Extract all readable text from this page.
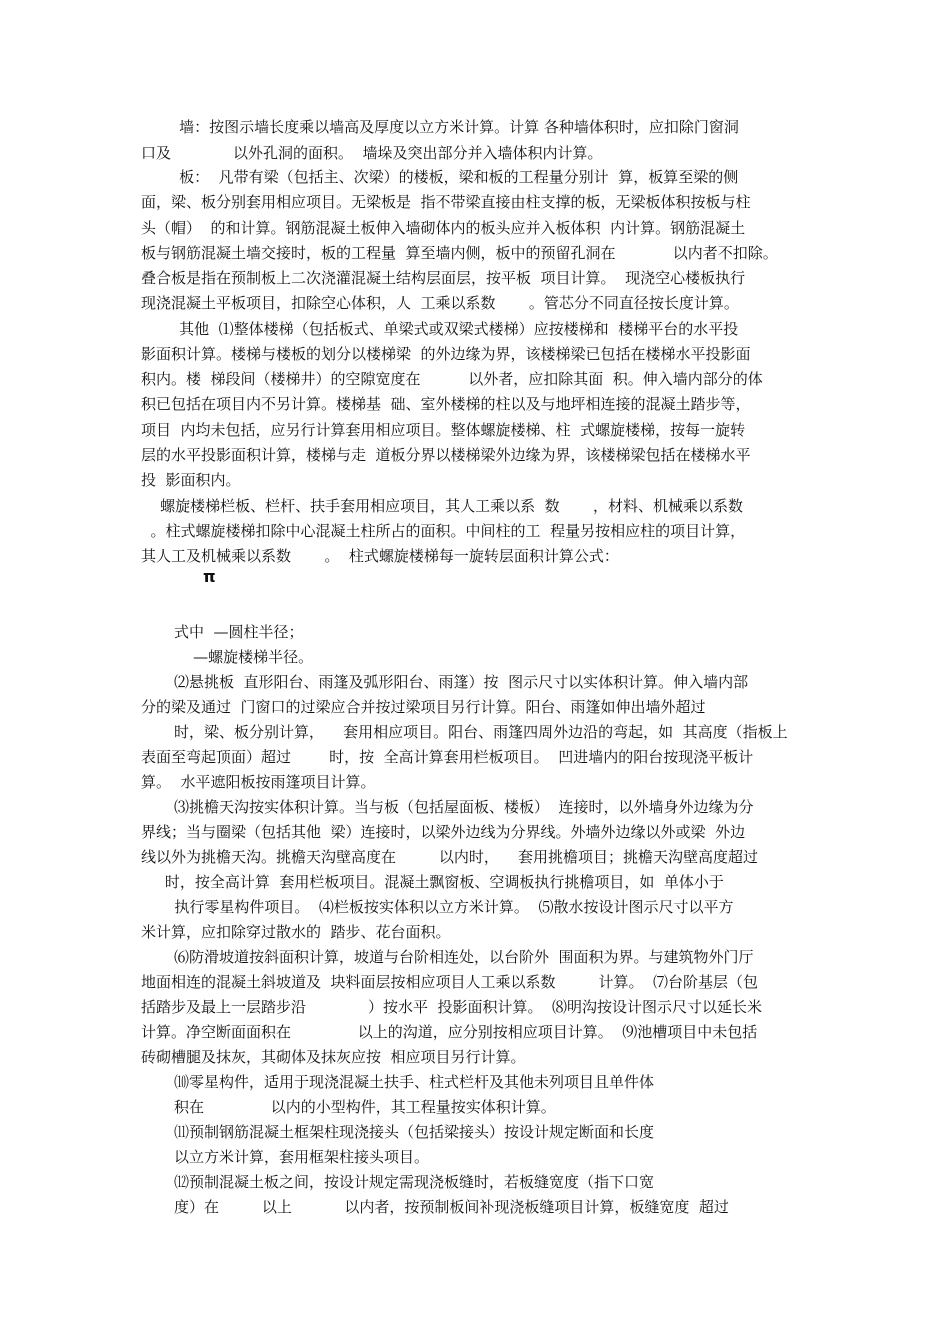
墙：按图示墙长度乘以墙高及厚度以立方米计算。计算 各种墙体积时，应扣除门窗洞
口及             以外孔洞的面积。  墙垛及突出部分并入墙体积内计算。
板：  凡带有梁（包括主、次梁）的楼板，梁和板的工程量分别计  算，板算至梁的侧
面，梁、板分别套用相应项目。无梁板是  指不带梁直接由柱支撑的板，无梁板体积按板与柱
头（帽）  的和计算。钢筋混凝土板伸入墙砌体内的板头应并入板体积  内计算。钢筋混凝土
板与钢筋混凝土墙交接时，板的工程量  算至墙内侧，板中的预留孔洞在            以内者不扣除。
叠合板是指在预制板上二次浇灌混凝土结构层面层，按平板  项目计算。  现浇空心楼板执行
现浇混凝土平板项目，扣除空心体积，人  工乘以系数       。管芯分不同直径按长度计算。
其他  ⑴整体楼梯（包括板式、单梁式或双梁式楼梯）应按楼梯和  楼梯平台的水平投
影面积计算。楼梯与楼板的划分以楼梯梁  的外边缘为界，该楼梯梁已包括在楼梯水平投影面
积内。楼  梯段间（楼梯井）的空隙宽度在          以外者，应扣除其面  积。伸入墙内部分的体
积已包括在项目内不另计算。楼梯基  础、室外楼梯的柱以及与地坪相连接的混凝土踏步等，
项目  内均未包括，应另行计算套用相应项目。整体螺旋楼梯、柱  式螺旋楼梯，按每一旋转
层的水平投影面积计算，楼梯与走  道板分界以楼梯梁外边缘为界，该楼梯梁包括在楼梯水平
投  影面积内。
螺旋楼梯栏板、栏杆、扶手套用相应项目，其人工乘以系  数       ，材料、机械乘以系数
。柱式螺旋楼梯扣除中心混凝土柱所占的面积。中间柱的工  程量另按相应柱的项目计算，
其人工及机械乘以系数       。  柱式螺旋楼梯每一旋转层面积计算公式：
π
式中  —圆柱半径；
—螺旋楼梯半径。
⑵悬挑板  直形阳台、雨篷及弧形阳台、雨篷）按  图示尺寸以实体积计算。伸入墙内部
分的梁及通过  门窗口的过梁应合并按过梁项目另行计算。阳台、雨篷如伸出墙外超过
时，梁、板分别计算，    套用相应项目。阳台、雨篷四周外边沿的弯起，如  其高度（指板上
表面至弯起顶面）超过        时，按  全高计算套用栏板项目。  凹进墙内的阳台按现浇平板计
算。  水平遮阳板按雨篷项目计算。
⑶挑檐天沟按实体积计算。当与板（包括屋面板、楼板）  连接时，以外墙身外边缘为分
界线；当与圈梁（包括其他  梁）连接时，以梁外边线为分界线。外墙外边缘以外或梁  外边
线以外为挑檐天沟。挑檐天沟壁高度在         以内时，    套用挑檐项目；挑檐天沟壁高度超过
时，按全高计算  套用栏板项目。混凝土飘窗板、空调板执行挑檐项目，如  单体小于
执行零星构件项目。  ⑷栏板按实体积以立方米计算。  ⑸散水按设计图示尺寸以平方
米计算，应扣除穿过散水的  踏步、花台面积。
⑹防滑坡道按斜面积计算，坡道与台阶相连处，以台阶外  围面积为界。与建筑物外门厅
地面相连的混凝土斜坡道及  块料面层按相应项目人工乘以系数         计算。  ⑺台阶基层（包
括踏步及最上一层踏步沿             ）按水平  投影面积计算。  ⑻明沟按设计图示尺寸以延长米
计算。净空断面面积在              以上的沟道，应分别按相应项目计算。  ⑼池槽项目中未包括
砖砌槽腿及抹灰，其砌体及抹灰应按  相应项目另行计算。
⑽零星构件，适用于现浇混凝土扶手、柱式栏杆及其他未列项目且单件体
积在              以内的小型构件，其工程量按实体积计算。
⑾预制钢筋混凝土框架柱现浇接头（包括梁接头）按设计规定断面和长度
以立方米计算，套用框架柱接头项目。
⑿预制混凝土板之间，按设计规定需现浇板缝时，若板缝宽度（指下口宽
度）在         以上           以内者，按预制板间补现浇板缝项目计算，板缝宽度  超过
